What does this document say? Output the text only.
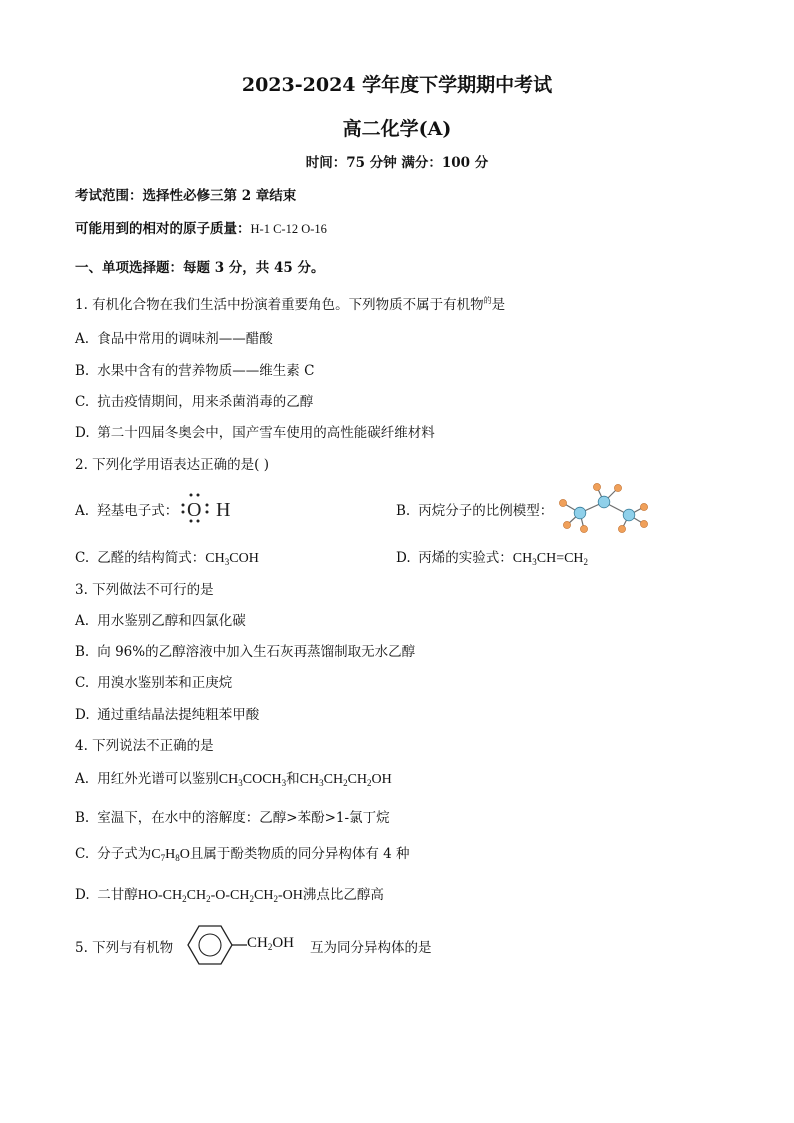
2023-2024 学年度下学期期中考试
高二化学(A)
时间：75 分钟 满分：100 分
考试范围：选择性必修三第 2 章结束
可能用到的相对的原子质量：H-1 C-12 O-16
一、单项选择题：每题 3 分，共 45 分。
1. 有机化合物在我们生活中扮演着重要角色。下列物质不属于有机物$^的$是
A. 食品中常用的调味剂——醋酸
B. 水果中含有的营养物质——维生素 C
C. 抗击疫情期间，用来杀菌消毒的乙醇
D. 第二十四届冬奥会中，国产雪车使用的高性能碳纤维材料
2. 下列化学用语表达正确的是( )
A. 羟基电子式： O H	B. 丙烷分子的比例模型：
C. 乙醛的结构简式：$CH_3COH$	D. 丙烯的实验式：$CH_3CH=CH_2$
3. 下列做法不可行的是
A. 用水鉴别乙醇和四氯化碳
B. 向 96%的乙醇溶液中加入生石灰再蒸馏制取无水乙醇
C. 用溴水鉴别苯和正庚烷
D. 通过重结晶法提纯粗苯甲酸
4. 下列说法不正确的是
A. 用红外光谱可以鉴别$CH_3COCH_3$和$CH_3CH_2CH_2OH$
B. 室温下，在水中的溶解度：乙醇>苯酚>1-氯丁烷
C. 分子式为$C_7H_8O$且属于酚类物质的同分异构体有 4 种
D. 二甘醇$HO-CH_2CH_2-O-CH_2CH_2-OH$沸点比乙醇高
5. 下列与有机物	$CH_2OH$ 互为同分异构体的是
